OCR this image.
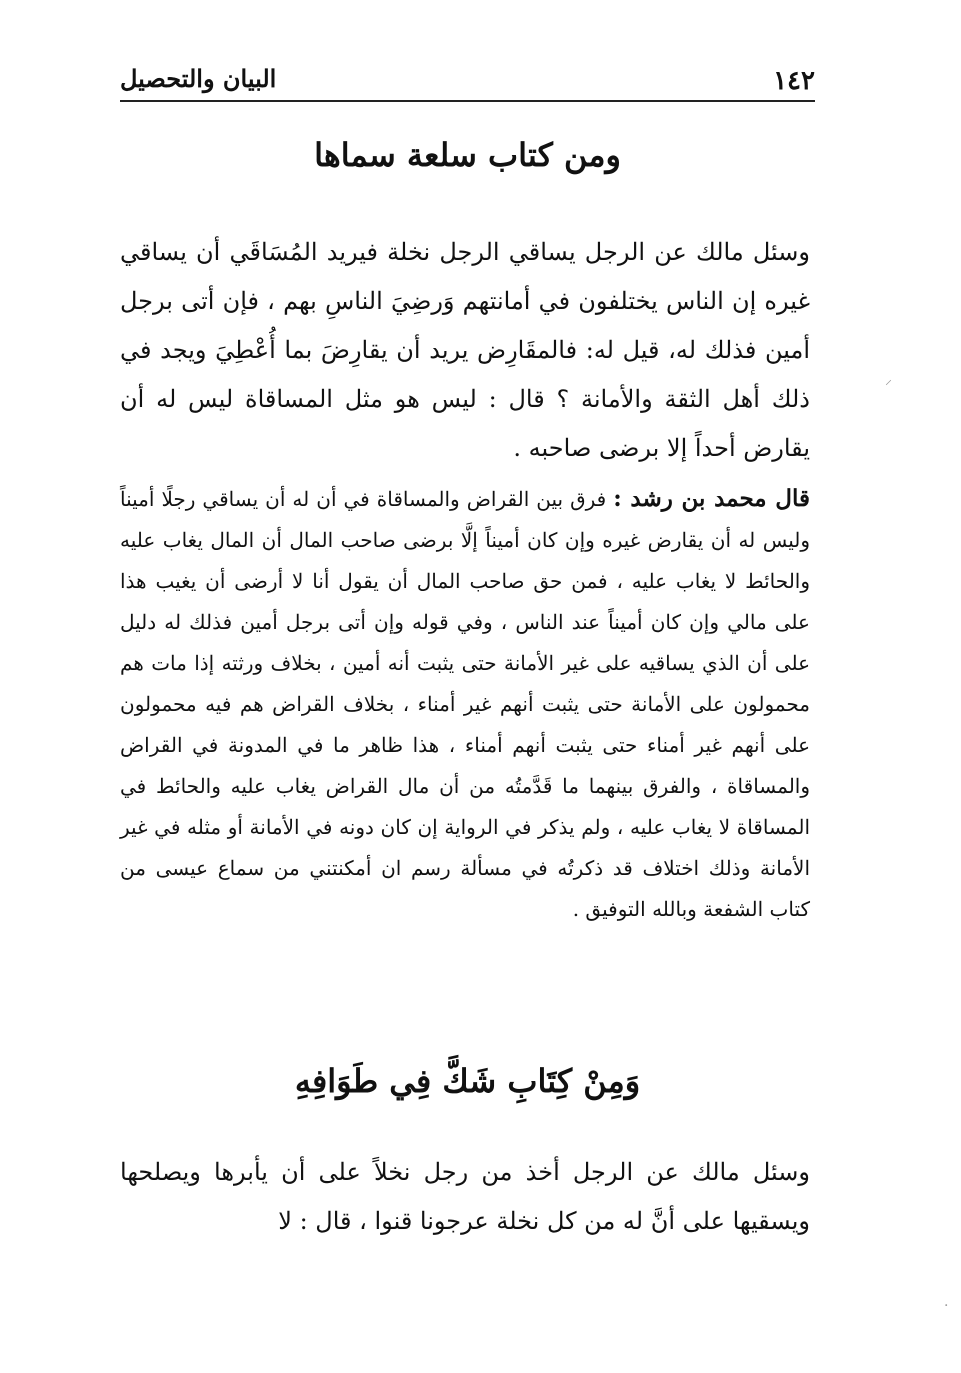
١٤٢
البيان والتحصيل
ومن كتاب سلعة سماها

وسئل مالك عن الرجل يساقي الرجل نخلة فيريد المُسَاقَي أن يساقي غيره إن الناس يختلفون في أمانتهم وَرضِيَ الناسِ بهم ، فإن أتى برجل أمين فذلك له، قيل له: فالمقَارِض يريد أن يقارِضَ بما أُعْطِيَ ويجد في ذلك أهل الثقة والأمانة ؟ قال : ليس هو مثل المساقاة ليس له أن يقارض أحداً إلا برضى صاحبه .

قال محمد بن رشد : فرق بين القراض والمساقاة في أن له أن يساقي رجلًا أميناً وليس له أن يقارض غيره وإن كان أميناً إلَّا برضى صاحب المال أن المال يغاب عليه والحائط لا يغاب عليه ، فمن حق صاحب المال أن يقول أنا لا أرضى أن يغيب هذا على مالي وإن كان أميناً عند الناس ، وفي قوله وإن أتى برجل أمين فذلك له دليل على أن الذي يساقيه على غير الأمانة حتى يثبت أنه أمين ، بخلاف ورثته إذا مات هم محمولون على الأمانة حتى يثبت أنهم غير أمناء ، بخلاف القراض هم فيه محمولون على أنهم غير أمناء حتى يثبت أنهم أمناء ، هذا ظاهر ما في المدونة في القراض والمساقاة ، والفرق بينهما ما قَدَّمتُه من أن مال القراض يغاب عليه والحائط في المساقاة لا يغاب عليه ، ولم يذكر في الرواية إن كان دونه في الأمانة أو مثله في غير الأمانة وذلك اختلاف قد ذكرتُه في مسألة رسم ان أمكنتني من سماع عيسى من كتاب الشفعة وبالله التوفيق .

وَمِنْ كِتَابِ شَكَّ فِي طَوَافِهِ

وسئل مالك عن الرجل أخذ من رجل نخلاً على أن يأبرها ويصلحها ويسقيها على أنَّ له من كل نخلة عرجونا قنوا ، قال : لا

⸝
·
